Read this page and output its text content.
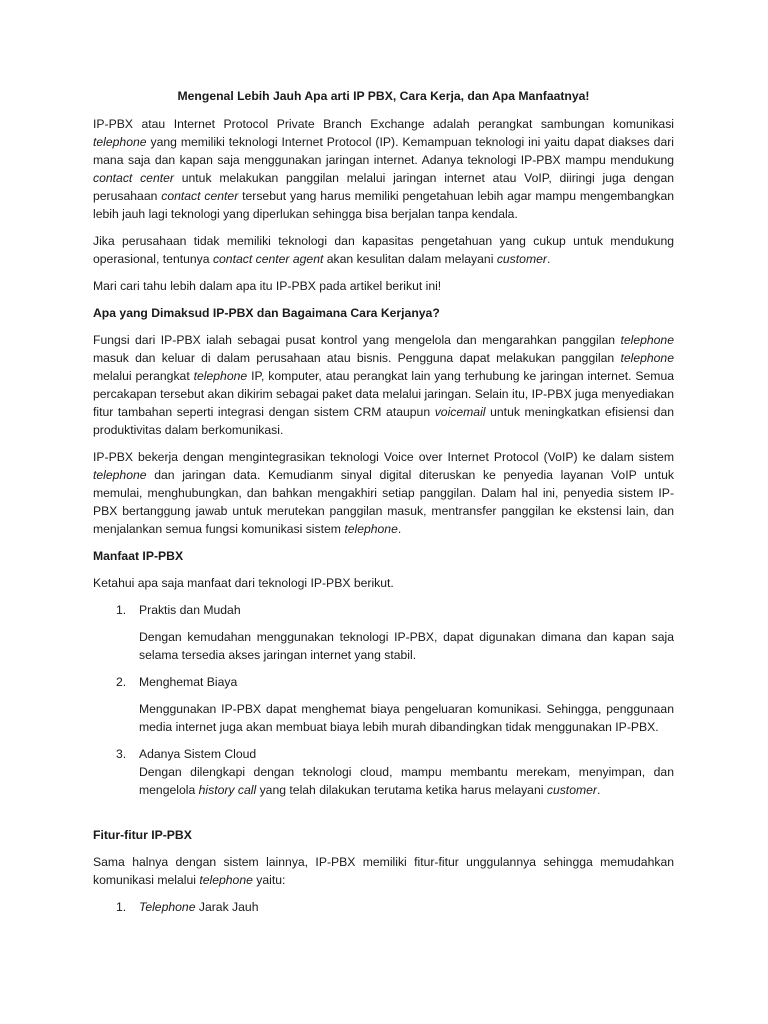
Mengenal Lebih Jauh Apa arti IP PBX, Cara Kerja, dan Apa Manfaatnya!

IP-PBX atau Internet Protocol Private Branch Exchange adalah perangkat sambungan komunikasi telephone yang memiliki teknologi Internet Protocol (IP). Kemampuan teknologi ini yaitu dapat diakses dari mana saja dan kapan saja menggunakan jaringan internet. Adanya teknologi IP-PBX mampu mendukung contact center untuk melakukan panggilan melalui jaringan internet atau VoIP, diiringi juga dengan perusahaan contact center tersebut yang harus memiliki pengetahuan lebih agar mampu mengembangkan lebih jauh lagi teknologi yang diperlukan sehingga bisa berjalan tanpa kendala.

Jika perusahaan tidak memiliki teknologi dan kapasitas pengetahuan yang cukup untuk mendukung operasional, tentunya contact center agent akan kesulitan dalam melayani customer.

Mari cari tahu lebih dalam apa itu IP-PBX pada artikel berikut ini!

Apa yang Dimaksud IP-PBX dan Bagaimana Cara Kerjanya?

Fungsi dari IP-PBX ialah sebagai pusat kontrol yang mengelola dan mengarahkan panggilan telephone masuk dan keluar di dalam perusahaan atau bisnis. Pengguna dapat melakukan panggilan telephone melalui perangkat telephone IP, komputer, atau perangkat lain yang terhubung ke jaringan internet. Semua percakapan tersebut akan dikirim sebagai paket data melalui jaringan. Selain itu, IP-PBX juga menyediakan fitur tambahan seperti integrasi dengan sistem CRM ataupun voicemail untuk meningkatkan efisiensi dan produktivitas dalam berkomunikasi.

IP-PBX bekerja dengan mengintegrasikan teknologi Voice over Internet Protocol (VoIP) ke dalam sistem telephone dan jaringan data. Kemudianm sinyal digital diteruskan ke penyedia layanan VoIP untuk memulai, menghubungkan, dan bahkan mengakhiri setiap panggilan. Dalam hal ini, penyedia sistem IP-PBX bertanggung jawab untuk merutekan panggilan masuk, mentransfer panggilan ke ekstensi lain, dan menjalankan semua fungsi komunikasi sistem telephone.

Manfaat IP-PBX

Ketahui apa saja manfaat dari teknologi IP-PBX berikut.

1.	Praktis dan Mudah

Dengan kemudahan menggunakan teknologi IP-PBX, dapat digunakan dimana dan kapan saja selama tersedia akses jaringan internet yang stabil.

2.	Menghemat Biaya

Menggunakan IP-PBX dapat menghemat biaya pengeluaran komunikasi. Sehingga, penggunaan media internet juga akan membuat biaya lebih murah dibandingkan tidak menggunakan IP-PBX.

3.	Adanya Sistem Cloud

Dengan dilengkapi dengan teknologi cloud, mampu membantu merekam, menyimpan, dan mengelola history call yang telah dilakukan terutama ketika harus melayani customer.

Fitur-fitur IP-PBX

Sama halnya dengan sistem lainnya, IP-PBX memiliki fitur-fitur unggulannya sehingga memudahkan komunikasi melalui telephone yaitu:

1.	Telephone Jarak Jauh
